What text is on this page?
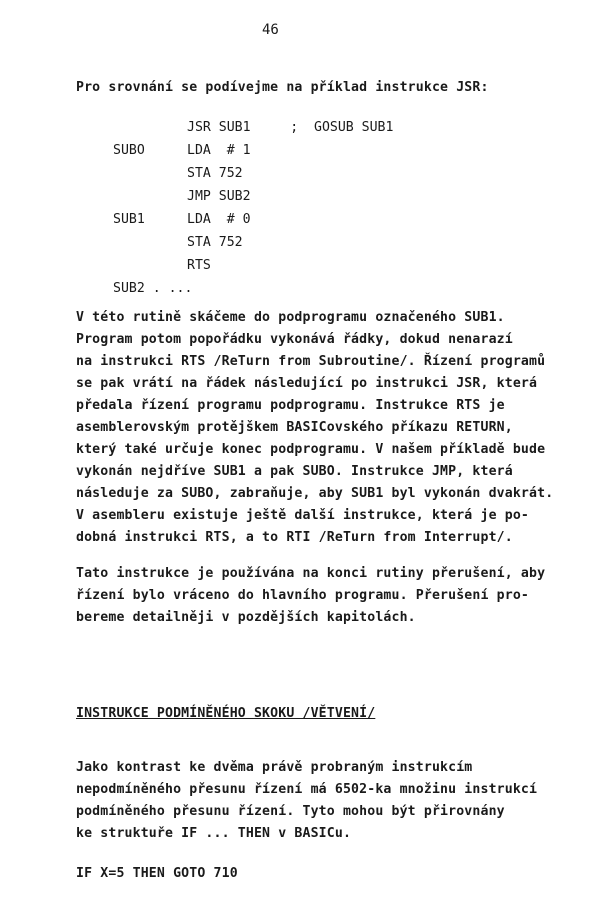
46
Pro srovnání se podívejme na příklad instrukce JSR:
JSR SUB1     ;  GOSUB SUB1
SUBO	LDA  # 1
STA 752
JMP SUB2
SUB1	LDA  # 0
STA 752
RTS
SUB2 . ...
V této rutině skáčeme do podprogramu označeného SUB1.
Program potom popořádku vykonává řádky, dokud nenarazí
na instrukci RTS /ReTurn from Subroutine/. Řízení programů
se pak vrátí na řádek následující po instrukci JSR, která
předala řízení programu podprogramu. Instrukce RTS je
asemblerovským protějškem BASICovského příkazu RETURN,
který také určuje konec podprogramu. V našem příkladě bude
vykonán nejdříve SUB1 a pak SUBO. Instrukce JMP, která
následuje za SUBO, zabraňuje, aby SUB1 byl vykonán dvakrát.
V asembleru existuje ještě další instrukce, která je po-
dobná instrukci RTS, a to RTI /ReTurn from Interrupt/.
Tato instrukce je používána na konci rutiny přerušení, aby
řízení bylo vráceno do hlavního programu. Přerušení pro-
bereme detailněji v pozdějších kapitolách.
INSTRUKCE PODMÍNĚNÉHO SKOKU /VĚTVENÍ/
Jako kontrast ke dvěma právě probraným instrukcím
nepodmíněného přesunu řízení má 6502-ka množinu instrukcí
podmíněného přesunu řízení. Tyto mohou být přirovnány
ke struktuře IF ... THEN v BASICu.
IF X=5 THEN GOTO 710
